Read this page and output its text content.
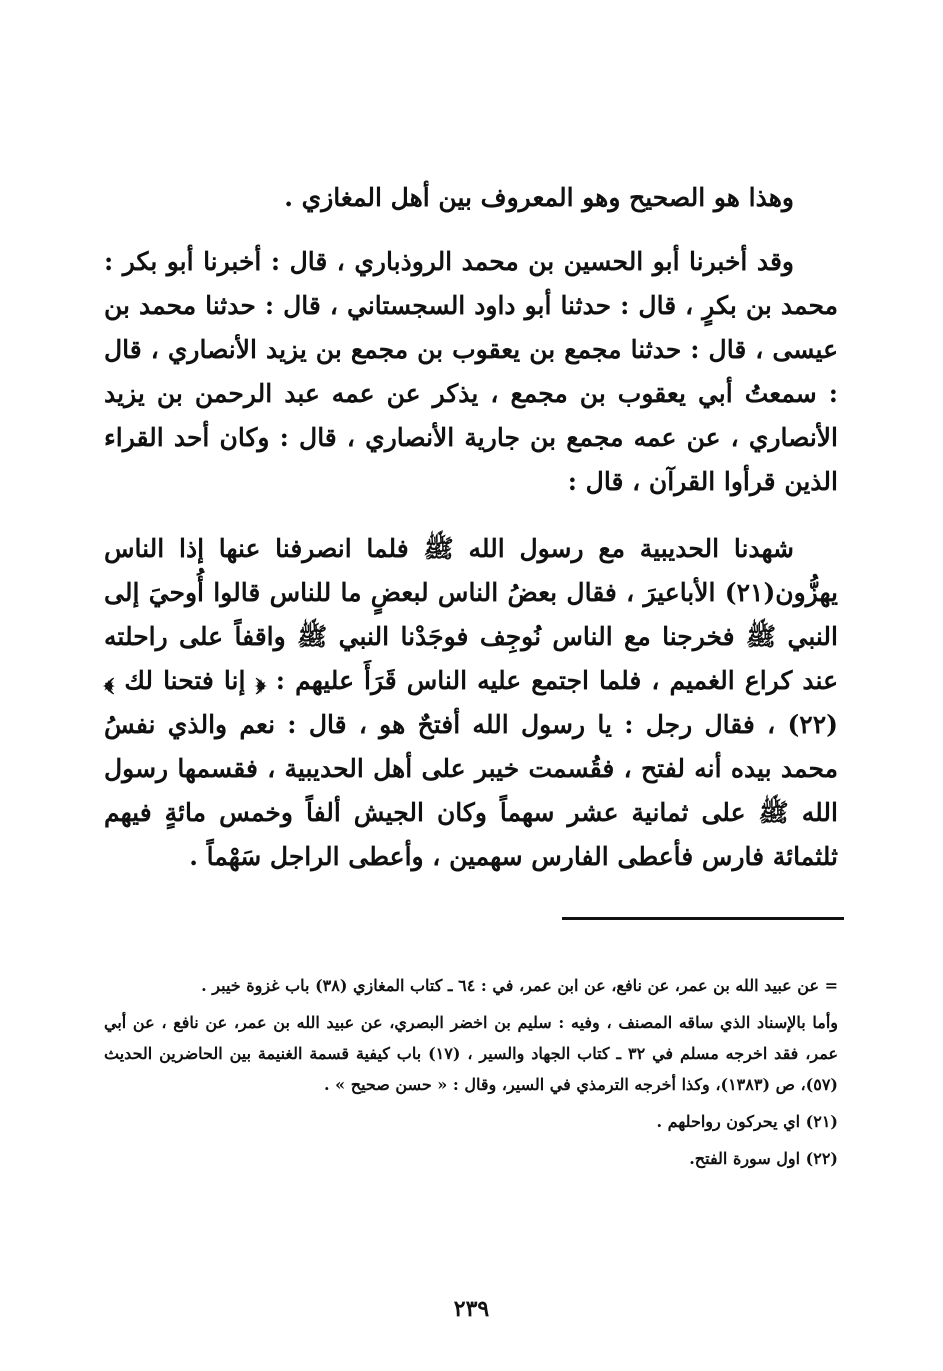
وهذا هو الصحيح وهو المعروف بين أهل المغازي .

وقد أخبرنا أبو الحسين بن محمد الروذباري ، قال : أخبرنا أبو بكر : محمد بن بكرٍ ، قال : حدثنا أبو داود السجستاني ، قال : حدثنا محمد بن عيسى ، قال : حدثنا مجمع بن يعقوب بن مجمع بن يزيد الأنصاري ، قال : سمعتُ أبي يعقوب بن مجمع ، يذكر عن عمه عبد الرحمن بن يزيد الأنصاري ، عن عمه مجمع بن جارية الأنصاري ، قال : وكان أحد القراء الذين قرأوا القرآن ، قال :

شهدنا الحديبية مع رسول الله ﷺ فلما انصرفنا عنها إذا الناس يهزُّون(٢١) الأباعيرَ ، فقال بعضُ الناس لبعضٍ ما للناس قالوا أُوحيَ إلى النبي ﷺ فخرجنا مع الناس نُوجِف فوجَدْنا النبي ﷺ واقفاً على راحلته عند كراع الغميم ، فلما اجتمع عليه الناس قَرَأَ عليهم : ﴿ إنا فتحنا لك ﴾(٢٢) ، فقال رجل : يا رسول الله أفتحٌ هو ، قال : نعم والذي نفسُ محمد بيده أنه لفتح ، فقُسمت خيبر على أهل الحديبية ، فقسمها رسول الله ﷺ على ثمانية عشر سهماً وكان الجيش ألفاً وخمس مائةٍ فيهم ثلثمائة فارس فأعطى الفارس سهمين ، وأعطى الراجل سَهْماً .

= عن عبيد الله بن عمر، عن نافع، عن ابن عمر، في : ٦٤ ـ كتاب المغازي (٣٨) باب غزوة خيبر .

وأما بالإسناد الذي ساقه المصنف ، وفيه : سليم بن اخضر البصري، عن عبيد الله بن عمر، عن نافع ، عن أبي عمر، فقد اخرجه مسلم في ٣٢ ـ كتاب الجهاد والسير ، (١٧) باب كيفية قسمة الغنيمة بين الحاضرين الحديث (٥٧)، ص (١٣٨٣)، وكذا أخرجه الترمذي في السير، وقال : « حسن صحيح » .

(٢١) اي يحركون رواحلهم .

(٢٢) اول سورة الفتح.

٢٣٩
